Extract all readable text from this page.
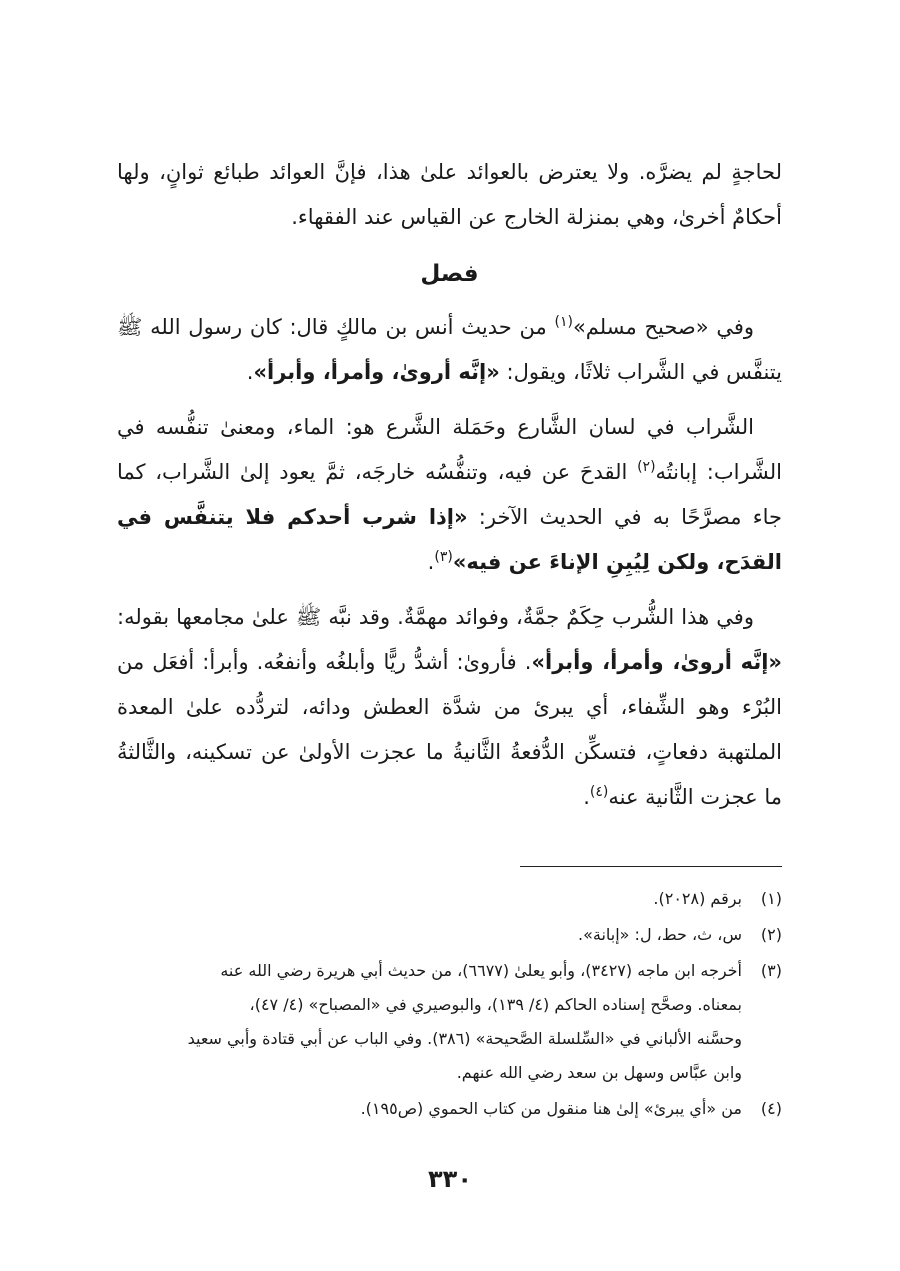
لحاجةٍ لم يضرَّه. ولا يعترض بالعوائد علىٰ هذا، فإنَّ العوائد طبائع ثوانٍ، ولها أحكامٌ أخرىٰ، وهي بمنزلة الخارج عن القياس عند الفقهاء.

فصل

وفي «صحيح مسلم»$^{(١)}$ من حديث أنس بن مالكٍ قال: كان رسول الله ﷺ يتنفَّس في الشَّراب ثلاثًا، ويقول: «إنَّه أروىٰ، وأمرأ، وأبرأ».

الشَّراب في لسان الشَّارع وحَمَلة الشَّرع هو: الماء، ومعنىٰ تنفُّسه في الشَّراب: إبانتُه$^{(٢)}$ القدحَ عن فيه، وتنفُّسُه خارجَه، ثمَّ يعود إلىٰ الشَّراب، كما جاء مصرَّحًا به في الحديث الآخر: «إذا شرب أحدكم فلا يتنفَّس في القدَح، ولكن لِيُبِنِ الإناءَ عن فيه»$^{(٣)}$.

وفي هذا الشُّرب حِكَمٌ جمَّةٌ، وفوائد مهمَّةٌ. وقد نبَّه ﷺ علىٰ مجامعها بقوله: «إنَّه أروىٰ، وأمرأ، وأبرأ». فأروىٰ: أشدُّ ريًّا وأبلغُه وأنفعُه. وأبرأ: أفعَل من البُرْء وهو الشِّفاء، أي يبرئ من شدَّة العطش ودائه، لتردُّده علىٰ المعدة الملتهبة دفعاتٍ، فتسكِّن الدُّفعةُ الثَّانيةُ ما عجزت الأولىٰ عن تسكينه، والثَّالثةُ ما عجزت الثَّانية عنه$^{(٤)}$.

(١)
برقم (٢٠٢٨).
(٢)
س، ث، حط، ل: «إبانة».
(٣)
أخرجه ابن ماجه (٣٤٢٧)، وأبو يعلىٰ (٦٦٧٧)، من حديث أبي هريرة رضي الله عنه
بمعناه. وصحَّح إسناده الحاكم (٤/ ١٣٩)، والبوصيري في «المصباح» (٤/ ٤٧)،
وحسَّنه الألباني في «السِّلسلة الصَّحيحة» (٣٨٦). وفي الباب عن أبي قتادة وأبي سعيد
وابن عبَّاس وسهل بن سعد رضي الله عنهم.
(٤)
من «أي يبرئ» إلىٰ هنا منقول من كتاب الحموي (ص١٩٥).
٣٣٠
